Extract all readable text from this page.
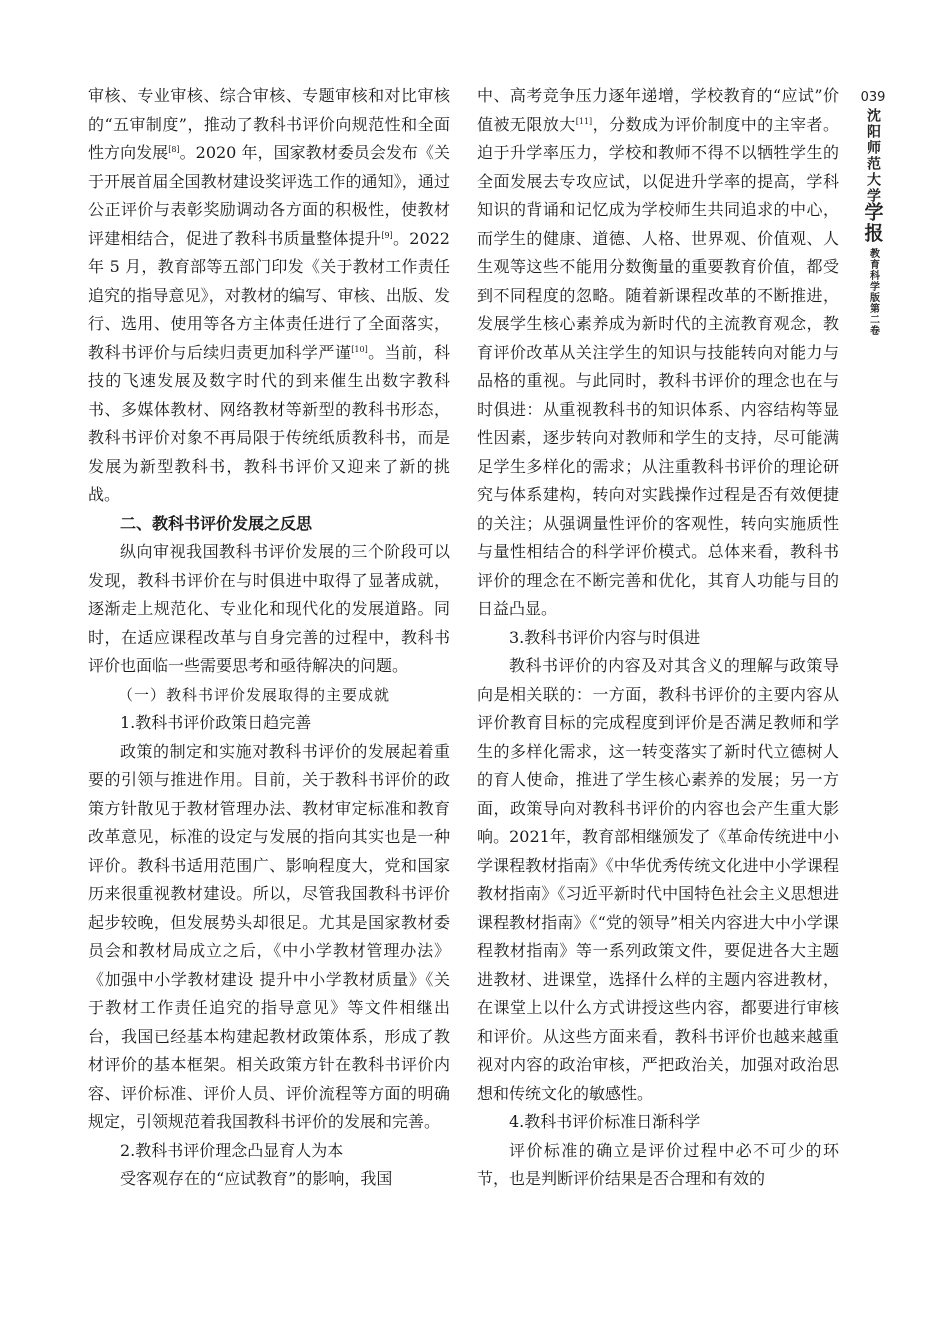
审核、专业审核、综合审核、专题审核和对比审核的“五审制度”，推动了教科书评价向规范性和全面性方向发展[8]。2020 年，国家教材委员会发布《关于开展首届全国教材建设奖评选工作的通知》，通过公正评价与表彰奖励调动各方面的积极性，使教材评建相结合，促进了教科书质量整体提升[9]。2022 年 5 月，教育部等五部门印发《关于教材工作责任追究的指导意见》，对教材的编写、审核、出版、发行、选用、使用等各方主体责任进行了全面落实，教科书评价与后续归责更加科学严谨[10]。当前，科技的飞速发展及数字时代的到来催生出数字教科书、多媒体教材、网络教材等新型的教科书形态，教科书评价对象不再局限于传统纸质教科书，而是发展为新型教科书，教科书评价又迎来了新的挑战。

二、教科书评价发展之反思

纵向审视我国教科书评价发展的三个阶段可以发现，教科书评价在与时俱进中取得了显著成就，逐渐走上规范化、专业化和现代化的发展道路。同时，在适应课程改革与自身完善的过程中，教科书评价也面临一些需要思考和亟待解决的问题。

（一）教科书评价发展取得的主要成就
1.教科书评价政策日趋完善

政策的制定和实施对教科书评价的发展起着重要的引领与推进作用。目前，关于教科书评价的政策方针散见于教材管理办法、教材审定标准和教育改革意见，标准的设定与发展的指向其实也是一种评价。教科书适用范围广、影响程度大，党和国家历来很重视教材建设。所以，尽管我国教科书评价起步较晚，但发展势头却很足。尤其是国家教材委员会和教材局成立之后，《中小学教材管理办法》《加强中小学教材建设 提升中小学教材质量》《关于教材工作责任追究的指导意见》等文件相继出台，我国已经基本构建起教材政策体系，形成了教材评价的基本框架。相关政策方针在教科书评价内容、评价标准、评价人员、评价流程等方面的明确规定，引领规范着我国教科书评价的发展和完善。

2.教科书评价理念凸显育人为本

受客观存在的“应试教育”的影响，我国

中、高考竞争压力逐年递增，学校教育的“应试”价值被无限放大[11]，分数成为评价制度中的主宰者。迫于升学率压力，学校和教师不得不以牺牲学生的全面发展去专攻应试，以促进升学率的提高，学科知识的背诵和记忆成为学校师生共同追求的中心，而学生的健康、道德、人格、世界观、价值观、人生观等这些不能用分数衡量的重要教育价值，都受到不同程度的忽略。随着新课程改革的不断推进，发展学生核心素养成为新时代的主流教育观念，教育评价改革从关注学生的知识与技能转向对能力与品格的重视。与此同时，教科书评价的理念也在与时俱进：从重视教科书的知识体系、内容结构等显性因素，逐步转向对教师和学生的支持，尽可能满足学生多样化的需求；从注重教科书评价的理论研究与体系建构，转向对实践操作过程是否有效便捷的关注；从强调量性评价的客观性，转向实施质性与量性相结合的科学评价模式。总体来看，教科书评价的理念在不断完善和优化，其育人功能与目的日益凸显。

3.教科书评价内容与时俱进

教科书评价的内容及对其含义的理解与政策导向是相关联的：一方面，教科书评价的主要内容从评价教育目标的完成程度到评价是否满足教师和学生的多样化需求，这一转变落实了新时代立德树人的育人使命，推进了学生核心素养的发展；另一方面，政策导向对教科书评价的内容也会产生重大影响。2021年，教育部相继颁发了《革命传统进中小学课程教材指南》《中华优秀传统文化进中小学课程教材指南》《习近平新时代中国特色社会主义思想进课程教材指南》《“党的领导”相关内容进大中小学课程教材指南》等一系列政策文件，要促进各大主题进教材、进课堂，选择什么样的主题内容进教材，在课堂上以什么方式讲授这些内容，都要进行审核和评价。从这些方面来看，教科书评价也越来越重视对内容的政治审核，严把政治关，加强对政治思想和传统文化的敏感性。

4.教科书评价标准日渐科学

评价标准的确立是评价过程中必不可少的环节，也是判断评价结果是否合理和有效的

039
沈阳师范大学
学报
教育科学版第二卷
